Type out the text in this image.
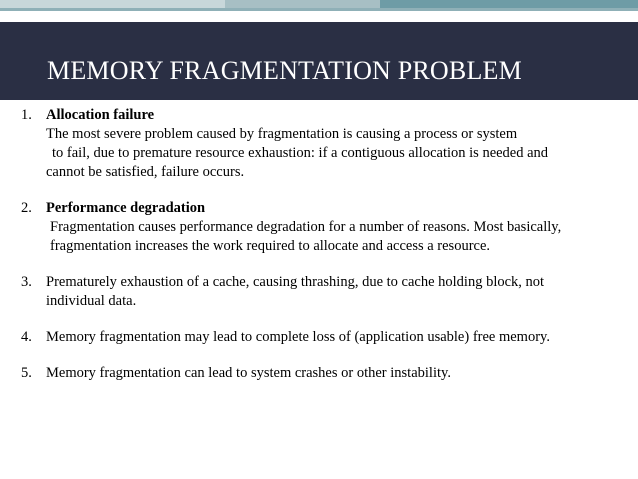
MEMORY FRAGMENTATION PROBLEM
1. Allocation failure
The most severe problem caused by fragmentation is causing a process or system
to fail, due to premature resource exhaustion: if a contiguous allocation is needed and
cannot be satisfied, failure occurs.
2. Performance degradation
Fragmentation causes performance degradation for a number of reasons. Most basically,
fragmentation increases the work required to allocate and access a resource.
3. Prematurely exhaustion of a cache, causing thrashing, due to cache holding block, not
individual data.
4. Memory fragmentation may lead to complete loss of (application usable) free memory.
5. Memory fragmentation can lead to system crashes or other instability.
